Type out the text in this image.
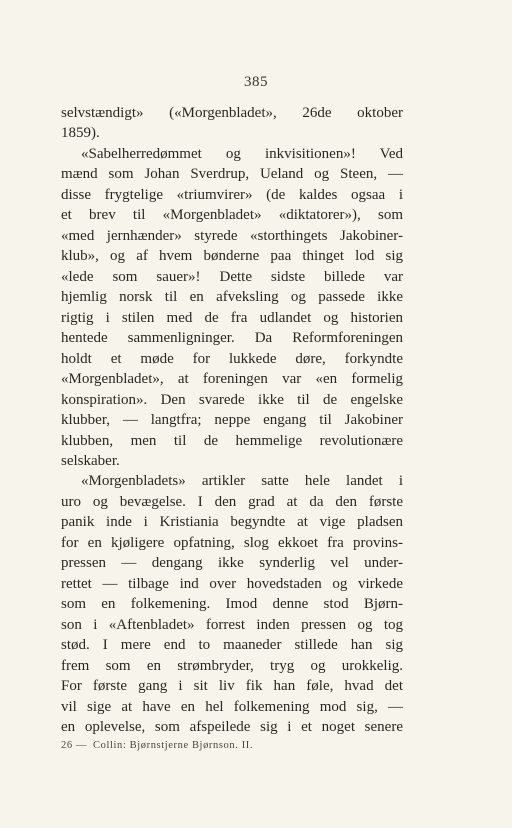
385
selvstændigt» («Morgenbladet», 26de oktober
1859).
«Sabelherredømmet og inkvisitionen»! Ved
mænd som Johan Sverdrup, Ueland og Steen, —
disse frygtelige «triumvirer» (de kaldes ogsaa i
et brev til «Morgenbladet» «diktatorer»), som
«med jernhænder» styrede «storthingets Jakobiner-
klub», og af hvem bønderne paa thinget lod sig
«lede som sauer»! Dette sidste billede var
hjemlig norsk til en afveksling og passede ikke
rigtig i stilen med de fra udlandet og historien
hentede sammenligninger. Da Reformforeningen
holdt et møde for lukkede døre, forkyndte
«Morgenbladet», at foreningen var «en formelig
konspiration». Den svarede ikke til de engelske
klubber, — langtfra; neppe engang til Jakobiner
klubben, men til de hemmelige revolutionære
selskaber.
«Morgenbladets» artikler satte hele landet i
uro og bevægelse. I den grad at da den første
panik inde i Kristiania begyndte at vige pladsen
for en kjøligere opfatning, slog ekkoet fra provins-
pressen — dengang ikke synderlig vel under-
rettet — tilbage ind over hovedstaden og virkede
som en folkemening. Imod denne stod Bjørn-
son i «Aftenbladet» forrest inden pressen og tog
stød. I mere end to maaneder stillede han sig
frem som en strømbryder, tryg og urokkelig.
For første gang i sit liv fik han føle, hvad det
vil sige at have en hel folkemening mod sig, —
en oplevelse, som afspeilede sig i et noget senere
26 — Collin: Bjørnstjerne Bjørnson. II.
